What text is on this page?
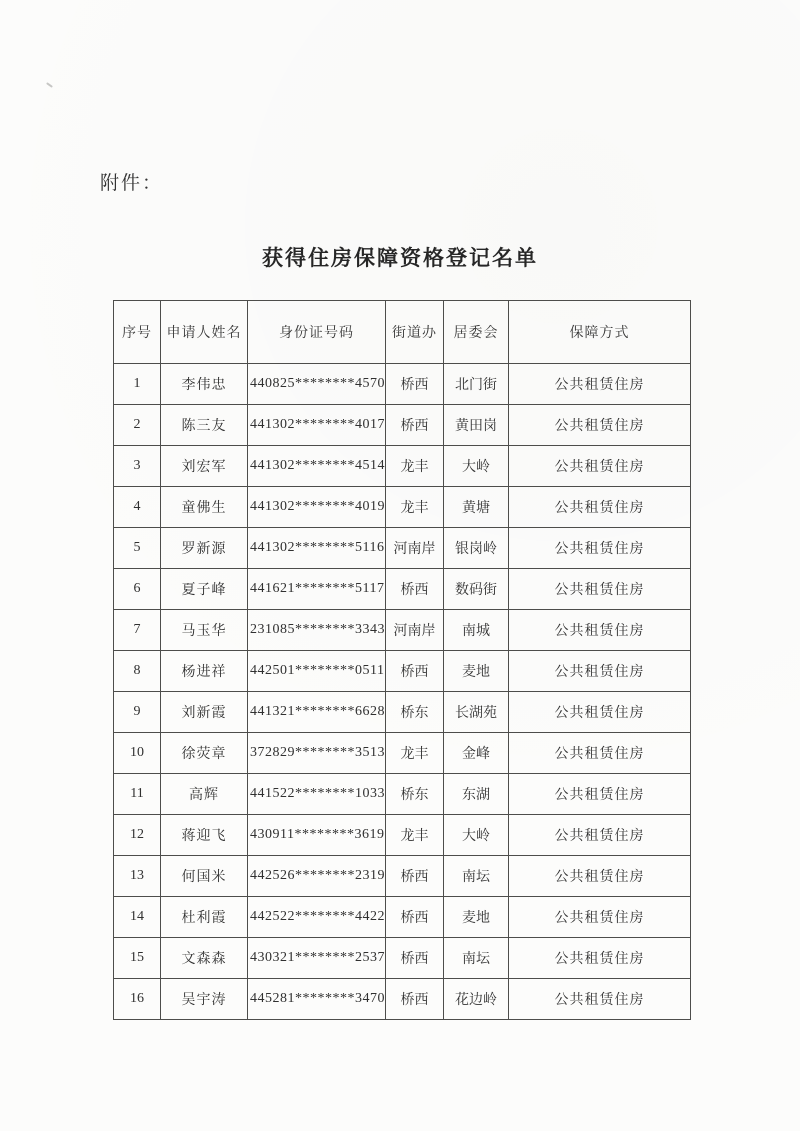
附件：
获得住房保障资格登记名单
序号	申请人姓名	身份证号码	街道办	居委会	保障方式
1	李伟忠	440825********4570	桥西	北门街	公共租赁住房
2	陈三友	441302********4017	桥西	黄田岗	公共租赁住房
3	刘宏军	441302********4514	龙丰	大岭	公共租赁住房
4	童佛生	441302********4019	龙丰	黄塘	公共租赁住房
5	罗新源	441302********5116	河南岸	银岗岭	公共租赁住房
6	夏子峰	441621********5117	桥西	数码街	公共租赁住房
7	马玉华	231085********3343	河南岸	南城	公共租赁住房
8	杨进祥	442501********0511	桥西	麦地	公共租赁住房
9	刘新霞	441321********6628	桥东	长湖苑	公共租赁住房
10	徐荧章	372829********3513	龙丰	金峰	公共租赁住房
11	高辉	441522********1033	桥东	东湖	公共租赁住房
12	蒋迎飞	430911********3619	龙丰	大岭	公共租赁住房
13	何国米	442526********2319	桥西	南坛	公共租赁住房
14	杜利霞	442522********4422	桥西	麦地	公共租赁住房
15	文森森	430321********2537	桥西	南坛	公共租赁住房
16	吴宇涛	445281********3470	桥西	花边岭	公共租赁住房
